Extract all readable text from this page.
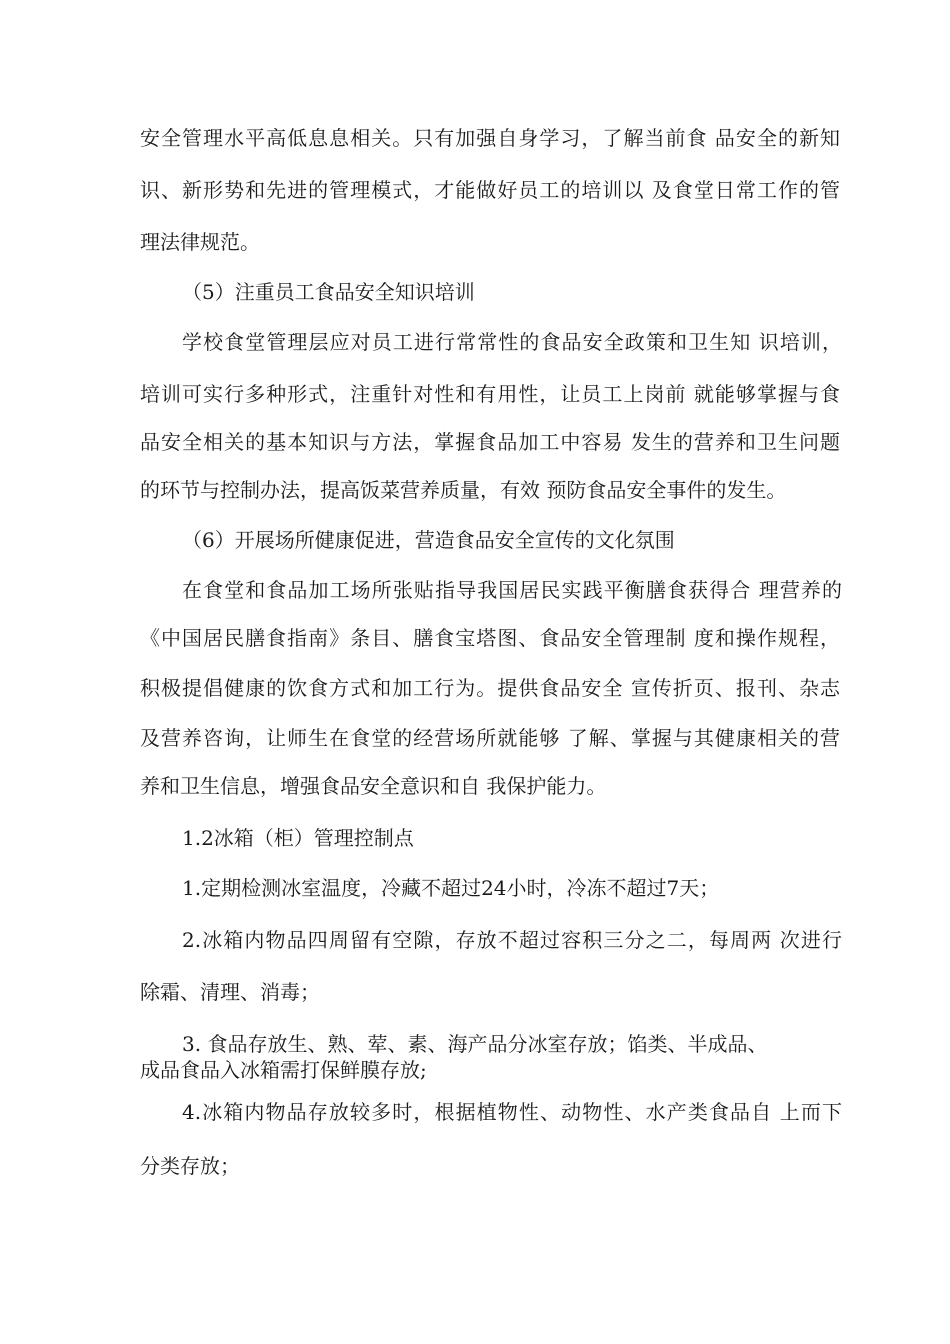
安全管理水平高低息息相关。只有加强自身学习，了解当前食 品安全的新知
识、新形势和先进的管理模式，才能做好员工的培训以 及食堂日常工作的管
理法律规范。
（5）注重员工食品安全知识培训
学校食堂管理层应对员工进行常常性的食品安全政策和卫生知 识培训，
培训可实行多种形式，注重针对性和有用性，让员工上岗前 就能够掌握与食
品安全相关的基本知识与方法，掌握食品加工中容易 发生的营养和卫生问题
的环节与控制办法，提高饭菜营养质量，有效 预防食品安全事件的发生。
（6）开展场所健康促进，营造食品安全宣传的文化氛围
在食堂和食品加工场所张贴指导我国居民实践平衡膳食获得合 理营养的
《中国居民膳食指南》条目、膳食宝塔图、食品安全管理制 度和操作规程，
积极提倡健康的饮食方式和加工行为。提供食品安全 宣传折页、报刊、杂志
及营养咨询，让师生在食堂的经营场所就能够 了解、掌握与其健康相关的营
养和卫生信息，增强食品安全意识和自 我保护能力。
1.2冰箱（柜）管理控制点
1.定期检测冰室温度，冷藏不超过24小时，冷冻不超过7天；
2.冰箱内物品四周留有空隙，存放不超过容积三分之二，每周两 次进行
除霜、清理、消毒；
3. 食品存放生、熟、荤、素、海产品分冰室存放；馅类、半成品、
成品食品入冰箱需打保鲜膜存放;
4.冰箱内物品存放较多时，根据植物性、动物性、水产类食品自 上而下
分类存放；
